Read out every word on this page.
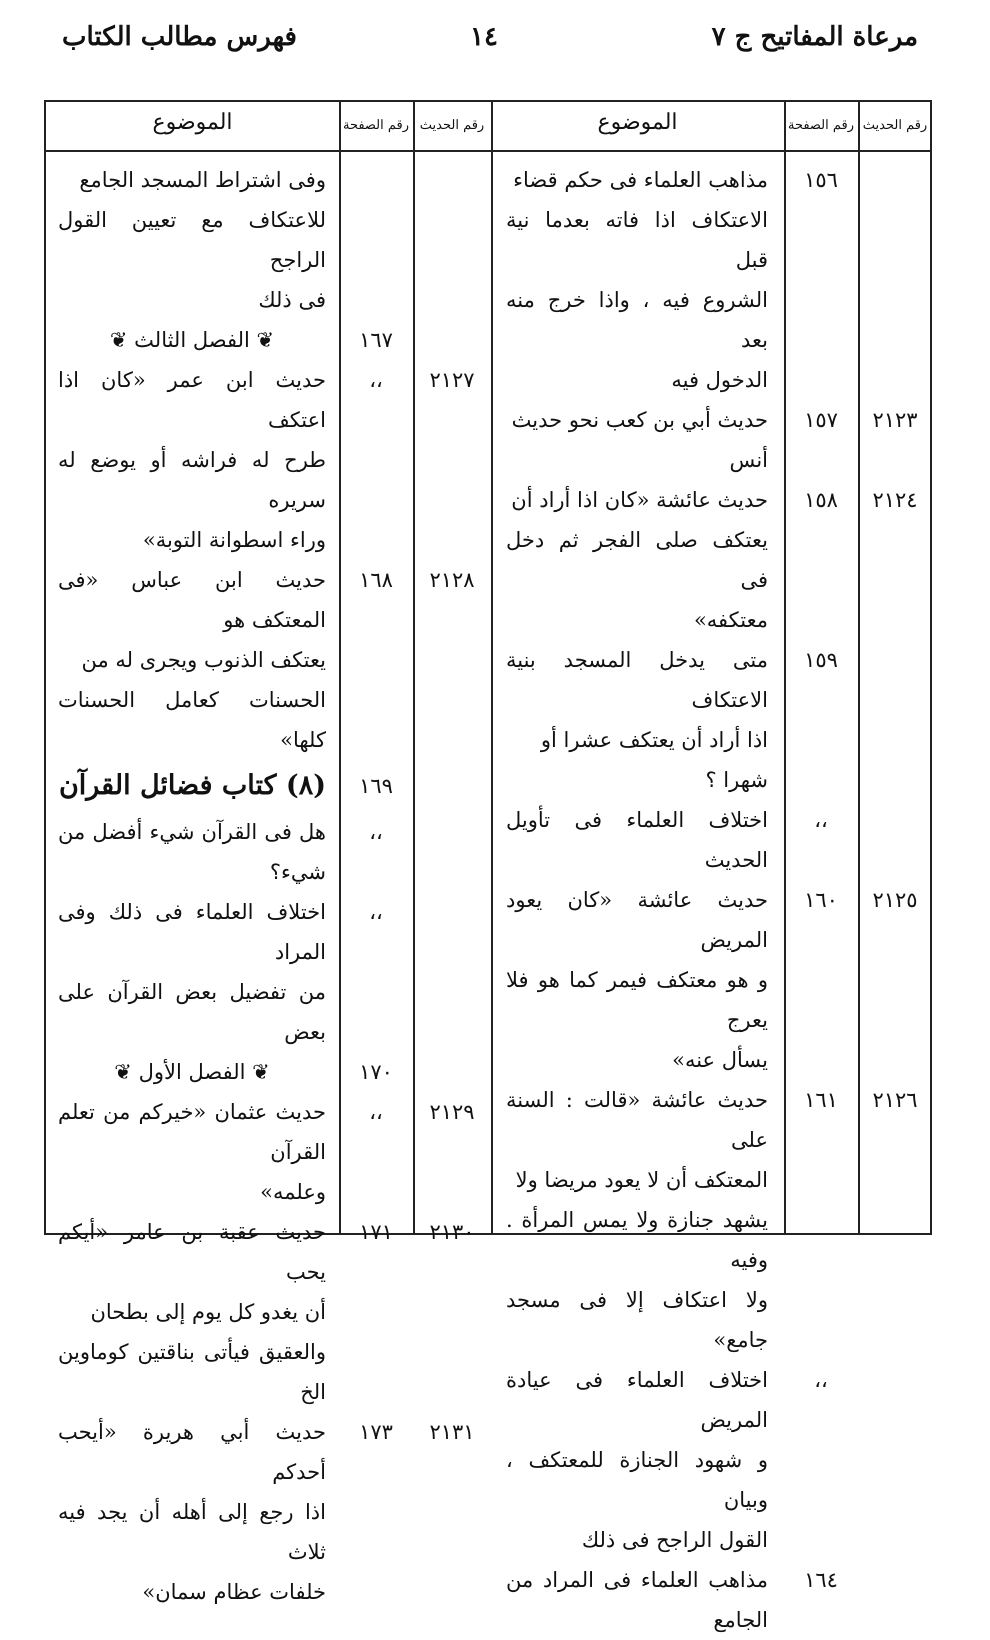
مرعاة المفاتيح ج ٧
١٤
فهرس مطالب الكتاب
رقم الحديث
رقم الصفحة
الموضوع
رقم الحديث
رقم الصفحة
الموضوع
مذاهب العلماء فى حكم قضاء
الاعتكاف اذا فاته بعدما نية قبل
الشروع فيه ، واذا خرج منه بعد
الدخول فيه
حديث أبي بن كعب نحو حديث
أنس
حديث عائشة «كان اذا أراد أن
يعتكف صلى الفجر ثم دخل فى
معتكفه»
متى يدخل المسجد بنية الاعتكاف
اذا أراد أن يعتكف عشرا أو
شهرا ؟
اختلاف العلماء فى تأويل الحديث
حديث عائشة «كان يعود المريض
و هو معتكف فيمر كما هو فلا يعرج
يسأل عنه»
حديث عائشة «قالت : السنة على
المعتكف أن لا يعود مريضا ولا
يشهد جنازة ولا يمس المرأة . وفيه
ولا اعتكاف إلا فى مسجد جامع»
اختلاف العلماء فى عيادة المريض
و شهود الجنازة للمعتكف ، وبيان
القول الراجح فى ذلك
مذاهب العلماء فى المراد من الجامع
وفى اشتراط المسجد الجامع
للاعتكاف مع تعيين القول الراجح
فى ذلك
❦ الفصل الثالث ❦
حديث ابن عمر «كان اذا اعتكف
طرح له فراشه أو يوضع له سريره
وراء اسطوانة التوبة»
حديث ابن عباس «فى المعتكف هو
يعتكف الذنوب ويجرى له من
الحسنات كعامل الحسنات كلها»
(٨) كتاب فضائل القرآن
هل فى القرآن شيء أفضل من شيء؟
اختلاف العلماء فى ذلك وفى المراد
من تفضيل بعض القرآن على بعض
❦ الفصل الأول ❦
حديث عثمان «خيركم من تعلم القرآن
وعلمه»
حديث عقبة بن عامر «أيكم يحب
أن يغدو كل يوم إلى بطحان
والعقيق فيأتى بناقتين كوماوين الخ
حديث أبي هريرة «أيحب أحدكم
اذا رجع إلى أهله أن يجد فيه ثلاث
خلفات عظام سمان»
١٥٦
٢١٢٣
١٥٧
٢١٢٤
١٥٨
١٥٩
،،
٢١٢٥
١٦٠
٢١٢٦
١٦١
،،
١٦٤
١٦٧
٢١٢٧
،،
٢١٢٨
١٦٨
١٦٩
،،
،،
١٧٠
٢١٢٩
،،
٢١٣٠
١٧١
٢١٣١
١٧٣
